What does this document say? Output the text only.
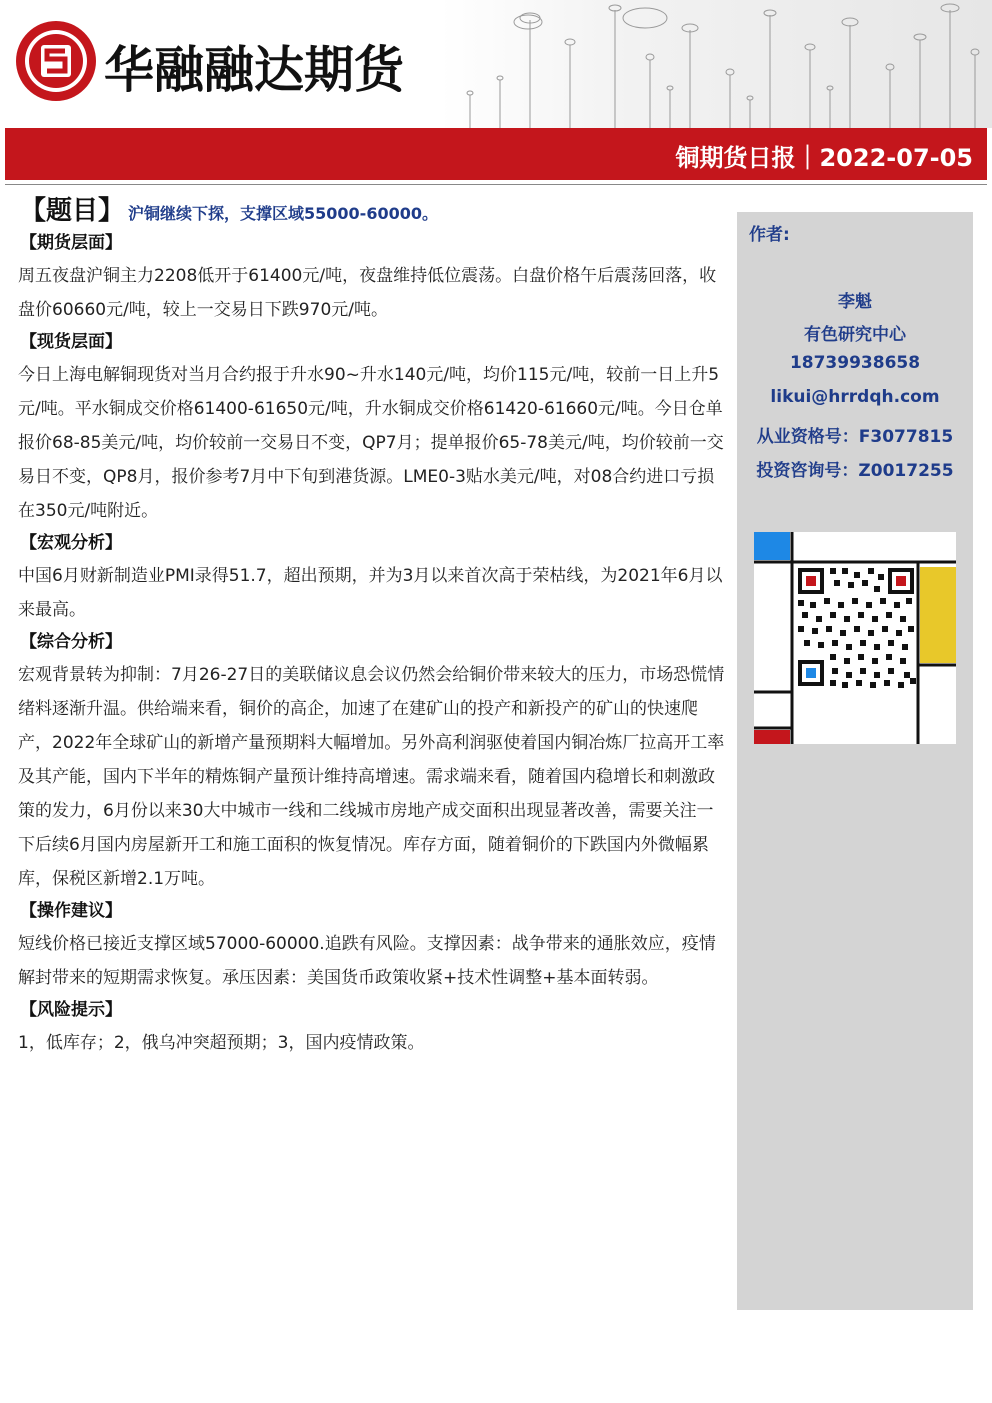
华融融达期货
铜期货日报｜2022-07-05
【题目】 沪铜继续下探，支撑区域55000-60000。
【期货层面】
周五夜盘沪铜主力2208低开于61400元/吨，夜盘维持低位震荡。白盘价格午后震荡回落，收盘价60660元/吨，较上一交易日下跌970元/吨。
【现货层面】
今日上海电解铜现货对当月合约报于升水90~升水140元/吨，均价115元/吨，较前一日上升5元/吨。平水铜成交价格61400-61650元/吨，升水铜成交价格61420-61660元/吨。今日仓单报价68-85美元/吨，均价较前一交易日不变，QP7月；提单报价65-78美元/吨，均价较前一交易日不变，QP8月，报价参考7月中下旬到港货源。LME0-3贴水美元/吨，对08合约进口亏损在350元/吨附近。
【宏观分析】
中国6月财新制造业PMI录得51.7，超出预期，并为3月以来首次高于荣枯线，为2021年6月以来最高。
【综合分析】
宏观背景转为抑制：7月26-27日的美联储议息会议仍然会给铜价带来较大的压力，市场恐慌情绪料逐渐升温。供给端来看，铜价的高企，加速了在建矿山的投产和新投产的矿山的快速爬产，2022年全球矿山的新增产量预期料大幅增加。另外高利润驱使着国内铜冶炼厂拉高开工率及其产能，国内下半年的精炼铜产量预计维持高增速。需求端来看，随着国内稳增长和刺激政策的发力，6月份以来30大中城市一线和二线城市房地产成交面积出现显著改善，需要关注一下后续6月国内房屋新开工和施工面积的恢复情况。库存方面，随着铜价的下跌国内外微幅累库，保税区新增2.1万吨。
【操作建议】
短线价格已接近支撑区域57000-60000.追跌有风险。支撑因素：战争带来的通胀效应，疫情解封带来的短期需求恢复。承压因素：美国货币政策收紧+技术性调整+基本面转弱。
【风险提示】
1，低库存；2，俄乌冲突超预期；3，国内疫情政策。
作者:
李魁
有色研究中心
18739938658
likui@hrrdqh.com
从业资格号：F3077815
投资咨询号：Z0017255
